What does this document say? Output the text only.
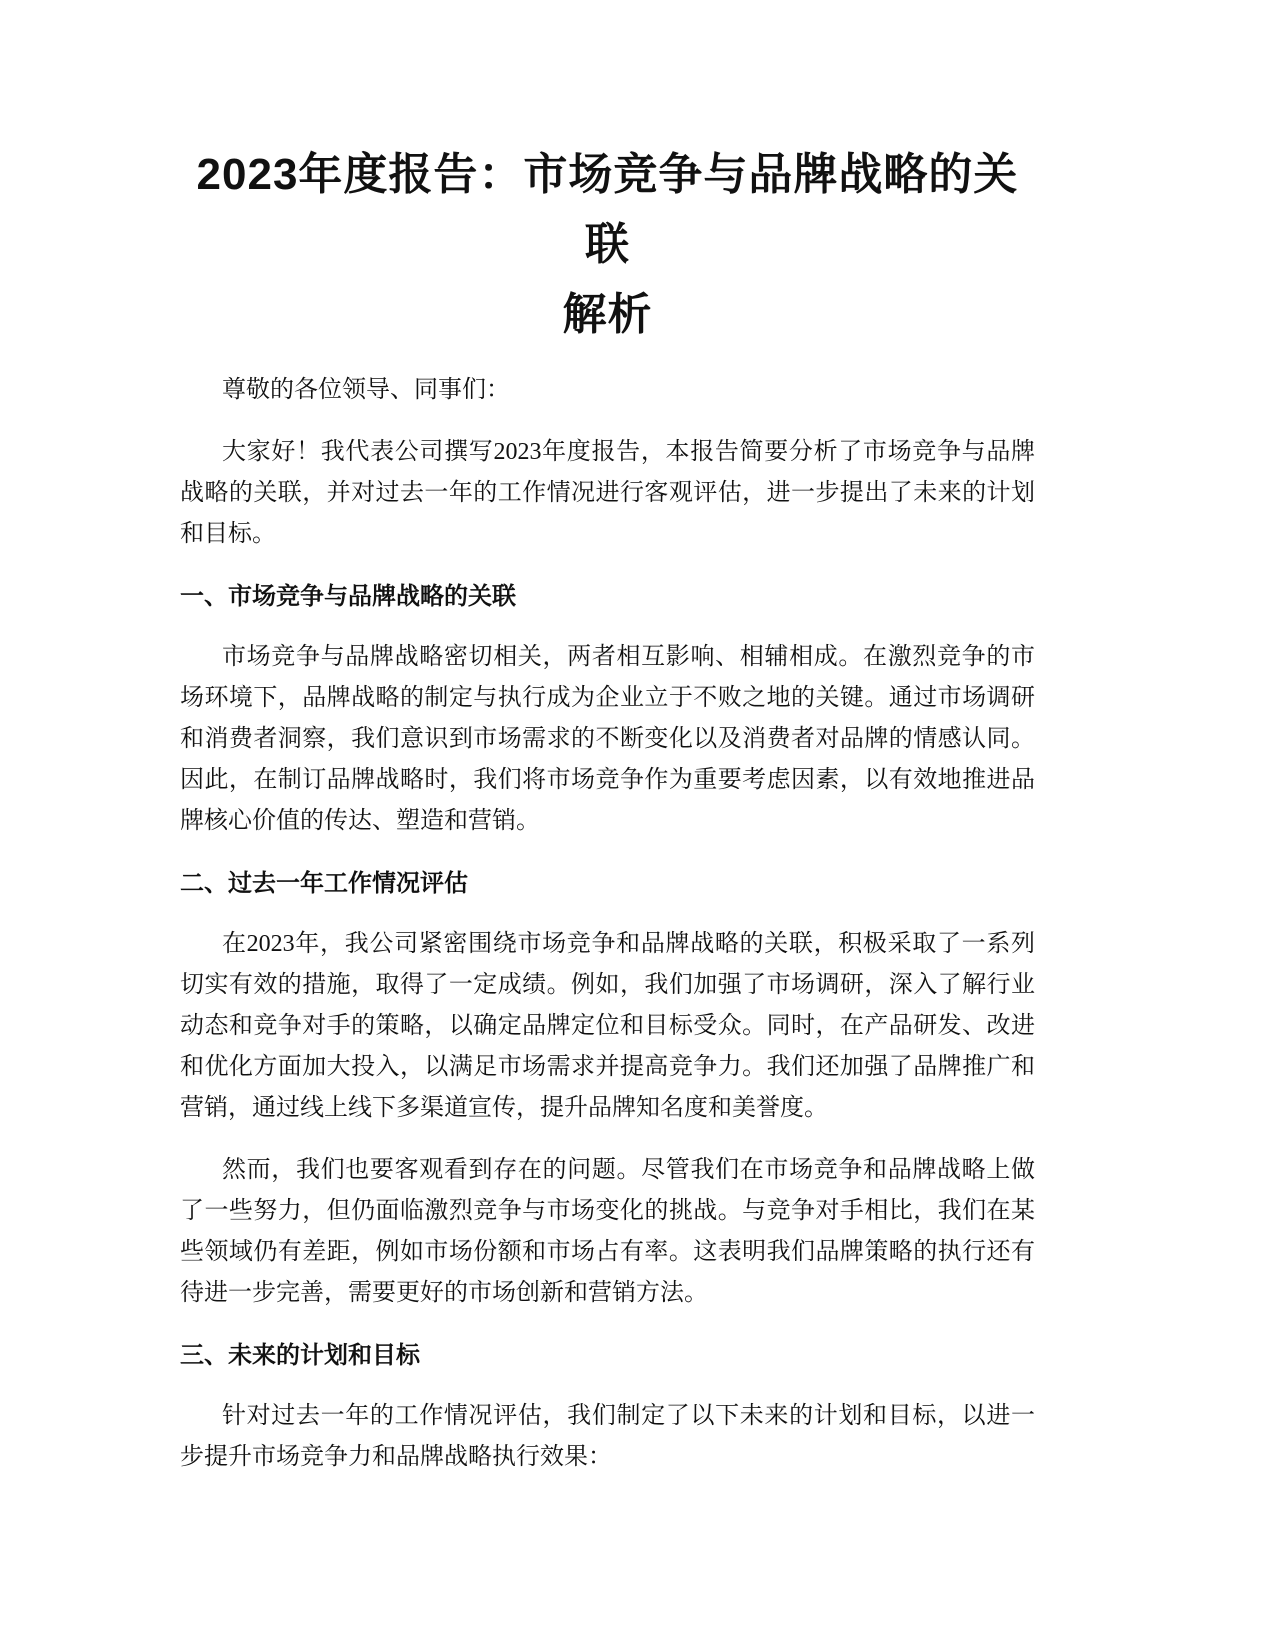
2023年度报告：市场竞争与品牌战略的关联
解析

尊敬的各位领导、同事们：

大家好！我代表公司撰写2023年度报告，本报告简要分析了市场竞争与品牌战略的关联，并对过去一年的工作情况进行客观评估，进一步提出了未来的计划和目标。

一、市场竞争与品牌战略的关联

市场竞争与品牌战略密切相关，两者相互影响、相辅相成。在激烈竞争的市场环境下，品牌战略的制定与执行成为企业立于不败之地的关键。通过市场调研和消费者洞察，我们意识到市场需求的不断变化以及消费者对品牌的情感认同。因此，在制订品牌战略时，我们将市场竞争作为重要考虑因素，以有效地推进品牌核心价值的传达、塑造和营销。

二、过去一年工作情况评估

在2023年，我公司紧密围绕市场竞争和品牌战略的关联，积极采取了一系列切实有效的措施，取得了一定成绩。例如，我们加强了市场调研，深入了解行业动态和竞争对手的策略，以确定品牌定位和目标受众。同时，在产品研发、改进和优化方面加大投入，以满足市场需求并提高竞争力。我们还加强了品牌推广和营销，通过线上线下多渠道宣传，提升品牌知名度和美誉度。

然而，我们也要客观看到存在的问题。尽管我们在市场竞争和品牌战略上做了一些努力，但仍面临激烈竞争与市场变化的挑战。与竞争对手相比，我们在某些领域仍有差距，例如市场份额和市场占有率。这表明我们品牌策略的执行还有待进一步完善，需要更好的市场创新和营销方法。

三、未来的计划和目标

针对过去一年的工作情况评估，我们制定了以下未来的计划和目标，以进一步提升市场竞争力和品牌战略执行效果：
